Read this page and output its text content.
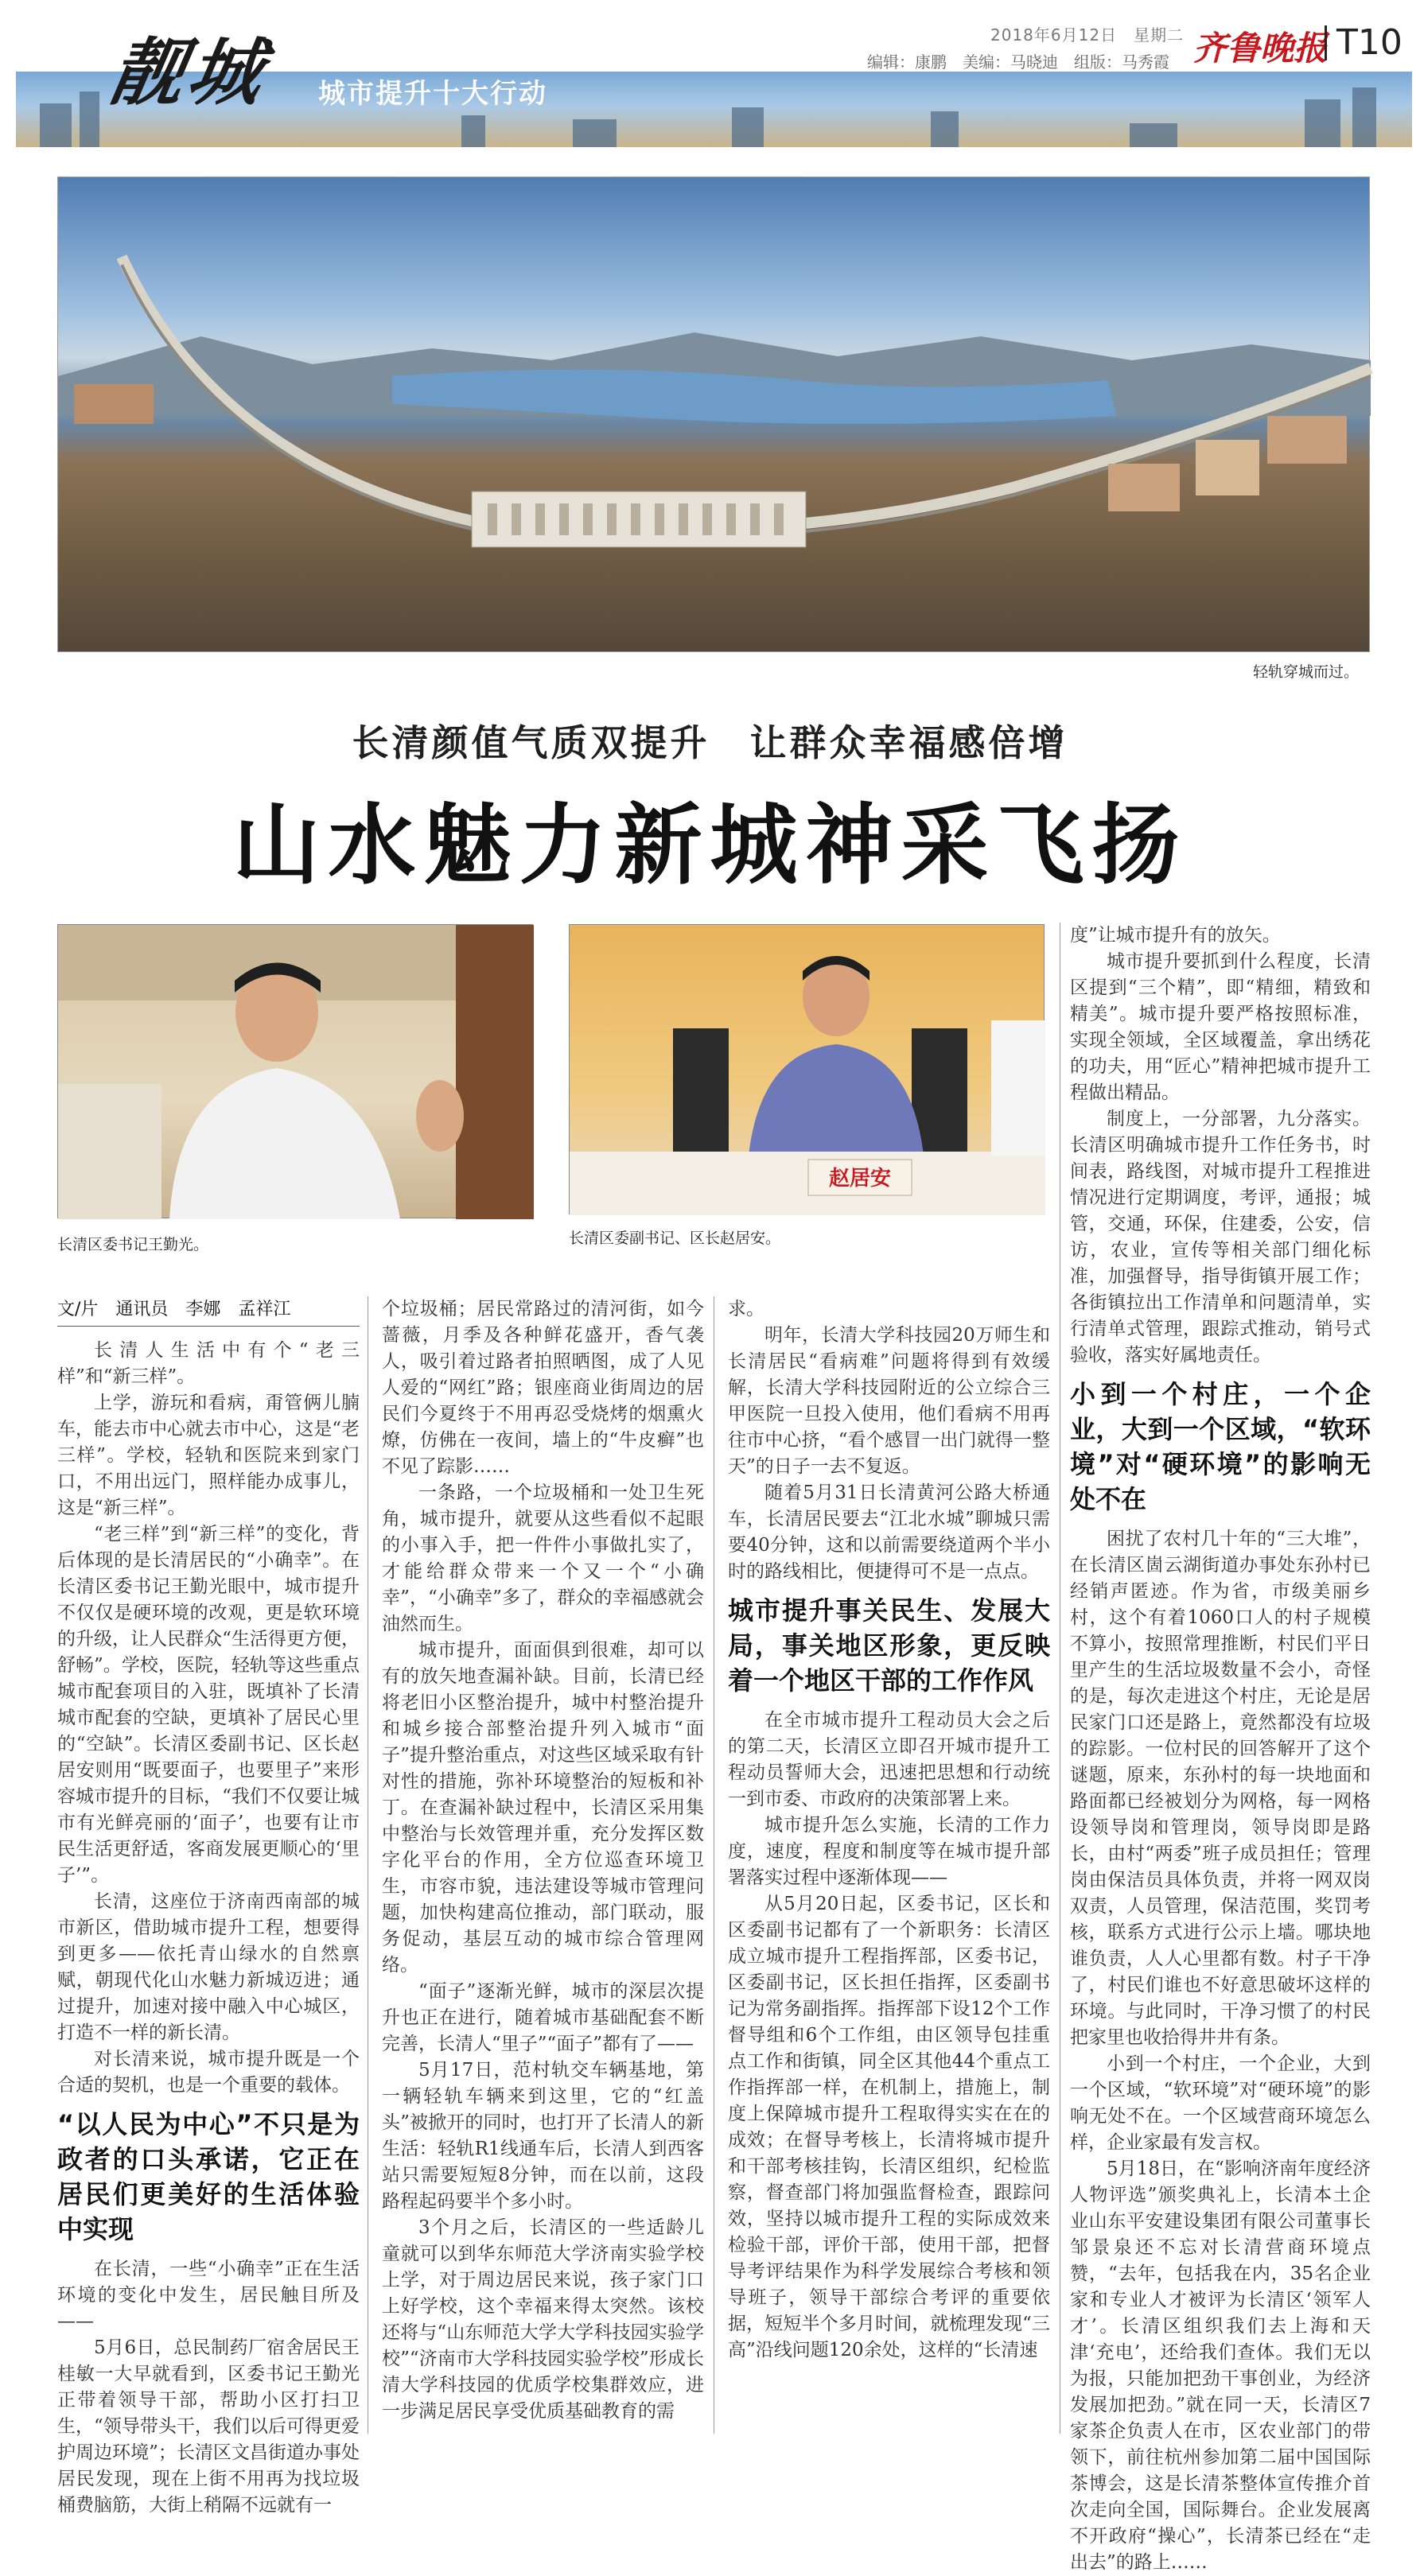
靓城 城市提升十大行动
2018年6月12日　星期二
编辑：康鹏　美编：马晓迪　组版：马秀霞 齐鲁晚报 T10
轻轨穿城而过。
长清颜值气质双提升　让群众幸福感倍增
山水魅力新城神采飞扬
长清区委书记王勤光。
赵居安
长清区委副书记、区长赵居安。
文/片　通讯员　李娜　孟祥江

长清人生活中有个“老三样”和“新三样”。

上学，游玩和看病，甭管俩儿腩车，能去市中心就去市中心，这是“老三样”。学校，轻轨和医院来到家门口，不用出远门，照样能办成事儿，这是“新三样”。

“老三样”到“新三样”的变化，背后体现的是长清居民的“小确幸”。在长清区委书记王勤光眼中，城市提升不仅仅是硬环境的改观，更是软环境的升级，让人民群众“生活得更方便，舒畅”。学校，医院，轻轨等这些重点城市配套项目的入驻，既填补了长清城市配套的空缺，更填补了居民心里的“空缺”。长清区委副书记、区长赵居安则用“既要面子，也要里子”来形容城市提升的目标，“我们不仅要让城市有光鲜亮丽的‘面子’，也要有让市民生活更舒适，客商发展更顺心的‘里子’”。

长清，这座位于济南西南部的城市新区，借助城市提升工程，想要得到更多——依托青山绿水的自然禀赋，朝现代化山水魅力新城迈进；通过提升，加速对接中融入中心城区，打造不一样的新长清。

对长清来说，城市提升既是一个合适的契机，也是一个重要的载体。

“以人民为中心”不只是为政者的口头承诺，它正在居民们更美好的生活体验中实现

在长清，一些“小确幸”正在生活环境的变化中发生，居民触目所及——

5月6日，总民制药厂宿舍居民王桂敏一大早就看到，区委书记王勤光正带着领导干部，帮助小区打扫卫生，“领导带头干，我们以后可得更爱护周边环境”；长清区文昌街道办事处居民发现，现在上街不用再为找垃圾桶费脑筋，大街上稍隔不远就有一

个垃圾桶；居民常路过的清河街，如今蔷薇，月季及各种鲜花盛开，香气袭人，吸引着过路者拍照晒图，成了人见人爱的“网红”路；银座商业街周边的居民们今夏终于不用再忍受烧烤的烟熏火燎，仿佛在一夜间，墙上的“牛皮癣”也不见了踪影……

一条路，一个垃圾桶和一处卫生死角，城市提升，就要从这些看似不起眼的小事入手，把一件件小事做扎实了，才能给群众带来一个又一个“小确幸”，“小确幸”多了，群众的幸福感就会油然而生。

城市提升，面面俱到很难，却可以有的放矢地查漏补缺。目前，长清已经将老旧小区整治提升，城中村整治提升和城乡接合部整治提升列入城市“面子”提升整治重点，对这些区域采取有针对性的措施，弥补环境整治的短板和补丁。在查漏补缺过程中，长清区采用集中整治与长效管理并重，充分发挥区数字化平台的作用，全方位巡查环境卫生，市容市貌，违法建设等城市管理问题，加快构建高位推动，部门联动，服务促动，基层互动的城市综合管理网络。

“面子”逐渐光鲜，城市的深层次提升也正在进行，随着城市基础配套不断完善，长清人“里子”“面子”都有了——

5月17日，范村轨交车辆基地，第一辆轻轨车辆来到这里，它的“红盖头”被掀开的同时，也打开了长清人的新生活：轻轨R1线通车后，长清人到西客站只需要短短8分钟，而在以前，这段路程起码要半个多小时。

3个月之后，长清区的一些适龄儿童就可以到华东师范大学济南实验学校上学，对于周边居民来说，孩子家门口上好学校，这个幸福来得太突然。该校还将与“山东师范大学大学科技园实验学校”“济南市大学科技园实验学校”形成长清大学科技园的优质学校集群效应，进一步满足居民享受优质基础教育的需

求。

明年，长清大学科技园20万师生和长清居民“看病难”问题将得到有效缓解，长清大学科技园附近的公立综合三甲医院一旦投入使用，他们看病不用再往市中心挤，“看个感冒一出门就得一整天”的日子一去不复返。

随着5月31日长清黄河公路大桥通车，长清居民要去“江北水城”聊城只需要40分钟，这和以前需要绕道两个半小时的路线相比，便捷得可不是一点点。

城市提升事关民生、发展大局，事关地区形象，更反映着一个地区干部的工作作风

在全市城市提升工程动员大会之后的第二天，长清区立即召开城市提升工程动员誓师大会，迅速把思想和行动统一到市委、市政府的决策部署上来。

城市提升怎么实施，长清的工作力度，速度，程度和制度等在城市提升部署落实过程中逐渐体现——

从5月20日起，区委书记，区长和区委副书记都有了一个新职务：长清区成立城市提升工程指挥部，区委书记，区委副书记，区长担任指挥，区委副书记为常务副指挥。指挥部下设12个工作督导组和6个工作组，由区领导包挂重点工作和街镇，同全区其他44个重点工作指挥部一样，在机制上，措施上，制度上保障城市提升工程取得实实在在的成效；在督导考核上，长清将城市提升和干部考核挂钩，长清区组织，纪检监察，督查部门将加强监督检查，跟踪问效，坚持以城市提升工程的实际成效来检验干部，评价干部，使用干部，把督导考评结果作为科学发展综合考核和领导班子，领导干部综合考评的重要依据，短短半个多月时间，就梳理发现“三高”沿线问题120余处，这样的“长清速

度”让城市提升有的放矢。

城市提升要抓到什么程度，长清区提到“三个精”，即“精细，精致和精美”。城市提升要严格按照标准，实现全领域，全区域覆盖，拿出绣花的功夫，用“匠心”精神把城市提升工程做出精品。

制度上，一分部署，九分落实。长清区明确城市提升工作任务书，时间表，路线图，对城市提升工程推进情况进行定期调度，考评，通报；城管，交通，环保，住建委，公安，信访，农业，宣传等相关部门细化标准，加强督导，指导街镇开展工作；各街镇拉出工作清单和问题清单，实行清单式管理，跟踪式推动，销号式验收，落实好属地责任。

小到一个村庄，一个企业，大到一个区域，“软环境”对“硬环境”的影响无处不在

困扰了农村几十年的“三大堆”，在长清区崮云湖街道办事处东孙村已经销声匿迹。作为省，市级美丽乡村，这个有着1060口人的村子规模不算小，按照常理推断，村民们平日里产生的生活垃圾数量不会小，奇怪的是，每次走进这个村庄，无论是居民家门口还是路上，竟然都没有垃圾的踪影。一位村民的回答解开了这个谜题，原来，东孙村的每一块地面和路面都已经被划分为网格，每一网格设领导岗和管理岗，领导岗即是路长，由村“两委”班子成员担任；管理岗由保洁员具体负责，并将一网双岗双责，人员管理，保洁范围，奖罚考核，联系方式进行公示上墙。哪块地谁负责，人人心里都有数。村子干净了，村民们谁也不好意思破坏这样的环境。与此同时，干净习惯了的村民把家里也收拾得井井有条。

小到一个村庄，一个企业，大到一个区域，“软环境”对“硬环境”的影响无处不在。一个区域营商环境怎么样，企业家最有发言权。

5月18日，在“影响济南年度经济人物评选”颁奖典礼上，长清本土企业山东平安建设集团有限公司董事长邹景泉还不忘对长清营商环境点赞，“去年，包括我在内，35名企业家和专业人才被评为长清区‘领军人才’。长清区组织我们去上海和天津‘充电’，还给我们查体。我们无以为报，只能加把劲干事创业，为经济发展加把劲。”就在同一天，长清区7家茶企负责人在市，区农业部门的带领下，前往杭州参加第二届中国国际茶博会，这是长清茶整体宣传推介首次走向全国，国际舞台。企业发展离不开政府“操心”，长清茶已经在“走出去”的路上……
